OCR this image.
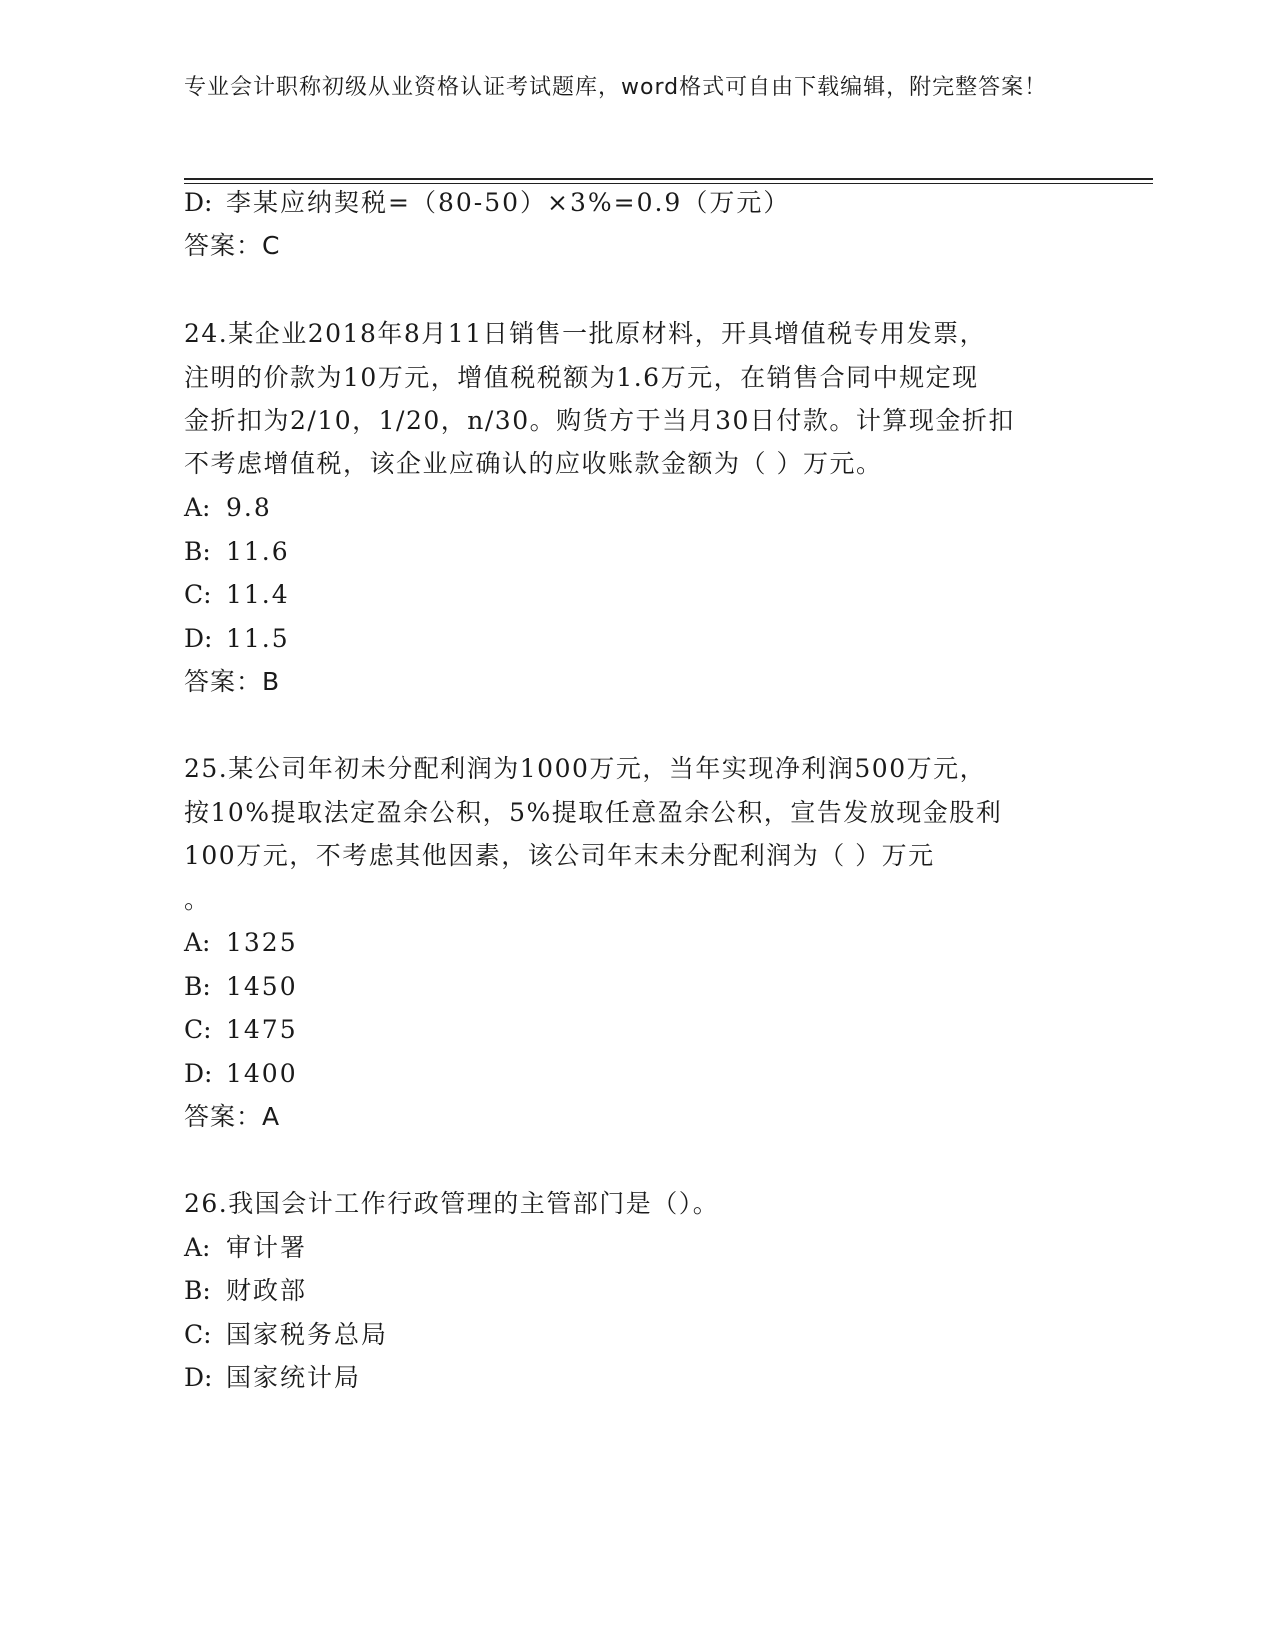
专业会计职称初级从业资格认证考试题库，word格式可自由下载编辑，附完整答案！
D: 李某应纳契税=（80-50）×3%=0.9（万元）
答案：C
24.某企业2018年8月11日销售一批原材料，开具增值税专用发票，
注明的价款为10万元，增值税税额为1.6万元，在销售合同中规定现
金折扣为2/10，1/20，n/30。购货方于当月30日付款。计算现金折扣
不考虑增值税，该企业应确认的应收账款金额为（ ）万元。
A: 9.8
B: 11.6
C: 11.4
D: 11.5
答案：B
25.某公司年初未分配利润为1000万元，当年实现净利润500万元，
按10%提取法定盈余公积，5%提取任意盈余公积，宣告发放现金股利
100万元，不考虑其他因素，该公司年末未分配利润为（ ）万元
。
A: 1325
B: 1450
C: 1475
D: 1400
答案：A
26.我国会计工作行政管理的主管部门是（）。
A: 审计署
B: 财政部
C: 国家税务总局
D: 国家统计局
